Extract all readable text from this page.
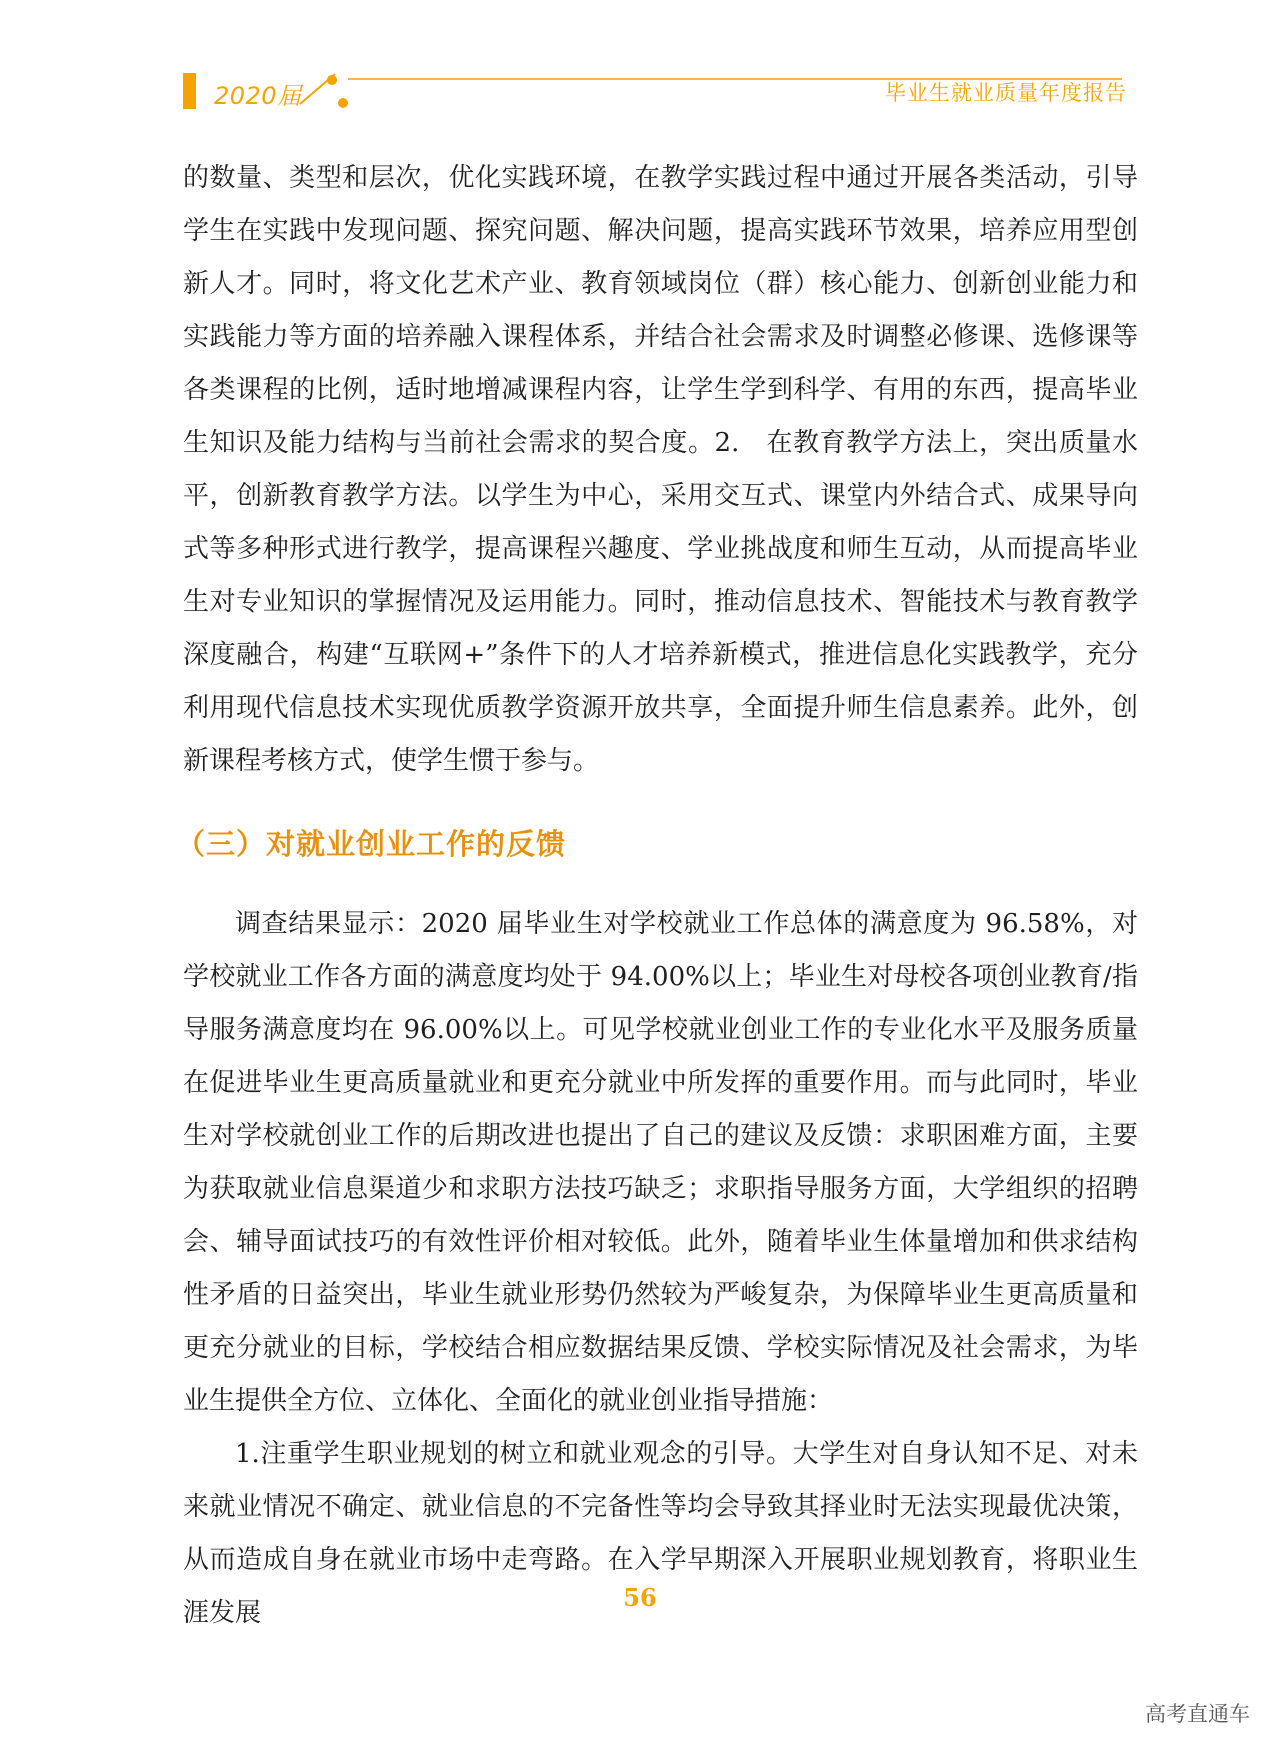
2020届	毕业生就业质量年度报告

的数量、类型和层次，优化实践环境，在教学实践过程中通过开展各类活动，引导学生在实践中发现问题、探究问题、解决问题，提高实践环节效果，培养应用型创新人才。同时，将文化艺术产业、教育领域岗位（群）核心能力、创新创业能力和实践能力等方面的培养融入课程体系，并结合社会需求及时调整必修课、选修课等各类课程的比例，适时地增减课程内容，让学生学到科学、有用的东西，提高毕业生知识及能力结构与当前社会需求的契合度。2.　在教育教学方法上，突出质量水平，创新教育教学方法。以学生为中心，采用交互式、课堂内外结合式、成果导向式等多种形式进行教学，提高课程兴趣度、学业挑战度和师生互动，从而提高毕业生对专业知识的掌握情况及运用能力。同时，推动信息技术、智能技术与教育教学深度融合，构建“互联网+”条件下的人才培养新模式，推进信息化实践教学，充分利用现代信息技术实现优质教学资源开放共享，全面提升师生信息素养。此外，创新课程考核方式，使学生惯于参与。

（三）对就业创业工作的反馈

调查结果显示：2020 届毕业生对学校就业工作总体的满意度为 96.58%，对学校就业工作各方面的满意度均处于 94.00%以上；毕业生对母校各项创业教育/指导服务满意度均在 96.00%以上。可见学校就业创业工作的专业化水平及服务质量在促进毕业生更高质量就业和更充分就业中所发挥的重要作用。而与此同时，毕业生对学校就创业工作的后期改进也提出了自己的建议及反馈：求职困难方面，主要为获取就业信息渠道少和求职方法技巧缺乏；求职指导服务方面，大学组织的招聘会、辅导面试技巧的有效性评价相对较低。此外，随着毕业生体量增加和供求结构性矛盾的日益突出，毕业生就业形势仍然较为严峻复杂，为保障毕业生更高质量和更充分就业的目标，学校结合相应数据结果反馈、学校实际情况及社会需求，为毕业生提供全方位、立体化、全面化的就业创业指导措施：

1.注重学生职业规划的树立和就业观念的引导。大学生对自身认知不足、对未来就业情况不确定、就业信息的不完备性等均会导致其择业时无法实现最优决策，从而造成自身在就业市场中走弯路。在入学早期深入开展职业规划教育，将职业生涯发展

56
高考直通车
